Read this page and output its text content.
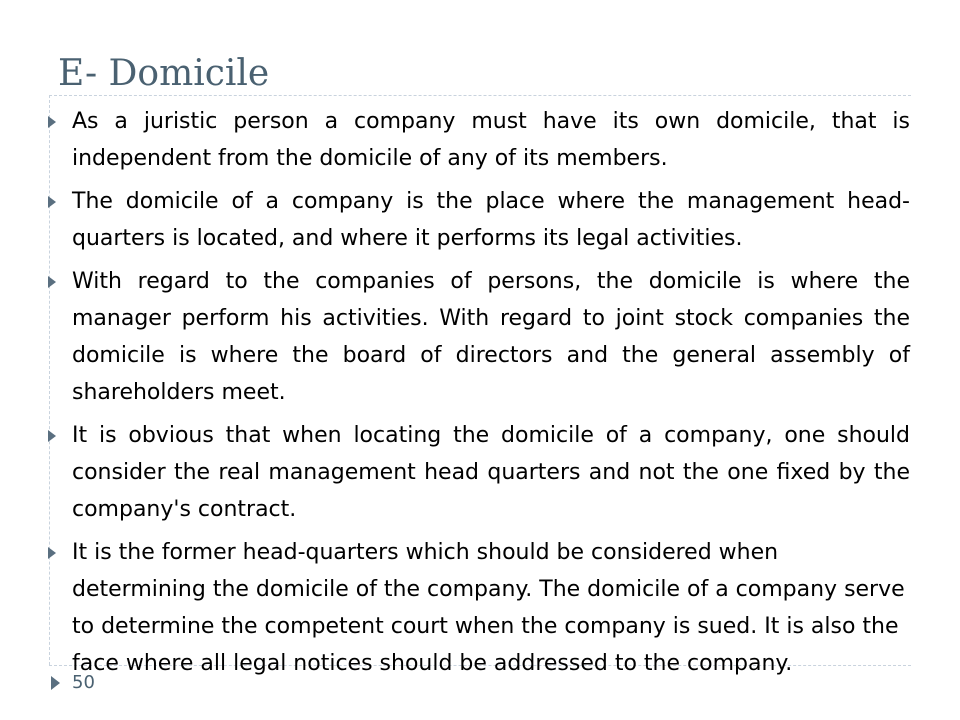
E- Domicile
As a juristic person a company must have its own domicile, that is independent from the domicile of any of its members.
The domicile of a company is the place where the management head-quarters is located, and where it performs its legal activities.
With regard to the companies of persons, the domicile is where the manager perform his activities. With regard to joint stock companies the domicile is where the board of directors and the general assembly of shareholders meet.
It is obvious that when locating the domicile of a company, one should consider the real management head quarters and not the one fixed by the company's contract.
It is the former head-quarters which should be considered when determining the domicile of the company. The domicile of a company serve to determine the competent court when the company is sued. It is also the face where all legal notices should be addressed to the company.
50
